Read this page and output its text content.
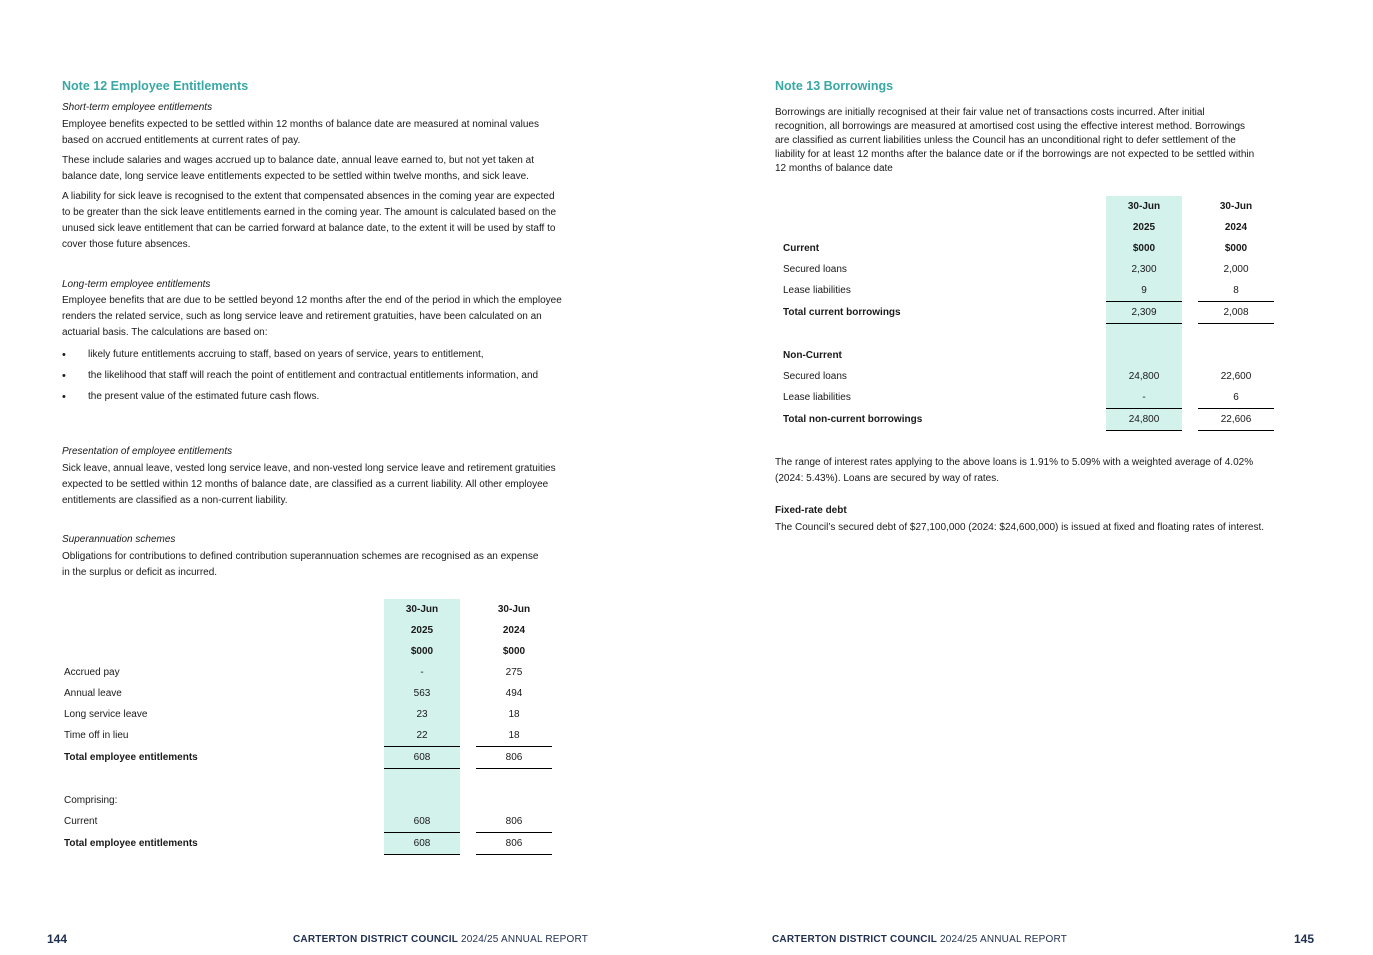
Note 12 Employee Entitlements

Short-term employee entitlements

Employee benefits expected to be settled within 12 months of balance date are measured at nominal values based on accrued entitlements at current rates of pay.

These include salaries and wages accrued up to balance date, annual leave earned to, but not yet taken at balance date, long service leave entitlements expected to be settled within twelve months, and sick leave.

A liability for sick leave is recognised to the extent that compensated absences in the coming year are expected to be greater than the sick leave entitlements earned in the coming year. The amount is calculated based on the unused sick leave entitlement that can be carried forward at balance date, to the extent it will be used by staff to cover those future absences.

Long-term employee entitlements

Employee benefits that are due to be settled beyond 12 months after the end of the period in which the employee renders the related service, such as long service leave and retirement gratuities, have been calculated on an actuarial basis. The calculations are based on:

• likely future entitlements accruing to staff, based on years of service, years to entitlement,
• the likelihood that staff will reach the point of entitlement and contractual entitlements information, and
• the present value of the estimated future cash flows.

Presentation of employee entitlements

Sick leave, annual leave, vested long service leave, and non-vested long service leave and retirement gratuities expected to be settled within 12 months of balance date, are classified as a current liability. All other employee entitlements are classified as a non-current liability.

Superannuation schemes

Obligations for contributions to defined contribution superannuation schemes are recognised as an expense in the surplus or deficit as incurred.

	30-Jun		30-Jun
	2025		2024
	$000		$000
Accrued pay	-		275
Annual leave	563		494
Long service leave	23		18
Time off in lieu	22		18
Total employee entitlements	608		806

Comprising:			
Current	608		806
Total employee entitlements	608		806
144	CARTERTON DISTRICT COUNCIL 2024/25 ANNUAL REPORT
Note 13 Borrowings

Borrowings are initially recognised at their fair value net of transactions costs incurred. After initial recognition, all borrowings are measured at amortised cost using the effective interest method. Borrowings are classified as current liabilities unless the Council has an unconditional right to defer settlement of the liability for at least 12 months after the balance date or if the borrowings are not expected to be settled within 12 months of balance date

	30-Jun		30-Jun
	2025		2024
Current	$000		$000
Secured loans	2,300		2,000
Lease liabilities	9		8
Total current borrowings	2,309		2,008

Non-Current			
Secured loans	24,800		22,600
Lease liabilities	-		6
Total non-current borrowings	24,800		22,606

The range of interest rates applying to the above loans is 1.91% to 5.09% with a weighted average of 4.02% (2024: 5.43%). Loans are secured by way of rates.

Fixed-rate debt

The Council’s secured debt of $27,100,000 (2024: $24,600,000) is issued at fixed and floating rates of interest.

CARTERTON DISTRICT COUNCIL 2024/25 ANNUAL REPORT	145
